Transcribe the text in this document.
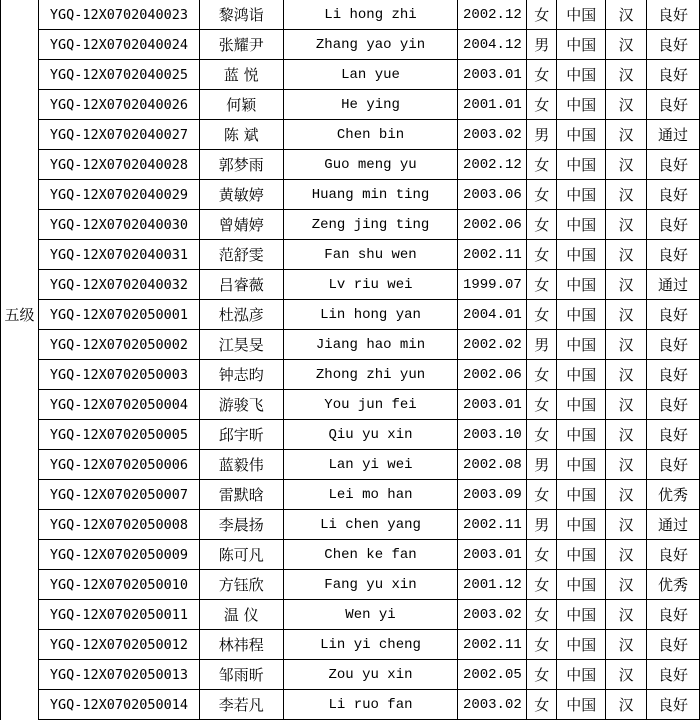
	YGQ-12X0702040023	黎鸿诣	Li hong zhi	2002.12	女	中国	汉	良好
	YGQ-12X0702040024	张耀尹	Zhang yao yin	2004.12	男	中国	汉	良好
	YGQ-12X0702040025	蓝 悦	Lan yue	2003.01	女	中国	汉	良好
	YGQ-12X0702040026	何颖	He ying	2001.01	女	中国	汉	良好
	YGQ-12X0702040027	陈 斌	Chen bin	2003.02	男	中国	汉	通过
	YGQ-12X0702040028	郭梦雨	Guo meng yu	2002.12	女	中国	汉	良好
	YGQ-12X0702040029	黄敏婷	Huang min ting	2003.06	女	中国	汉	良好
	YGQ-12X0702040030	曾婧婷	Zeng jing ting	2002.06	女	中国	汉	良好
	YGQ-12X0702040031	范舒雯	Fan shu wen	2002.11	女	中国	汉	良好
	YGQ-12X0702040032	吕睿薇	Lv riu wei	1999.07	女	中国	汉	通过
五级	YGQ-12X0702050001	杜泓彦	Lin hong yan	2004.01	女	中国	汉	良好
	YGQ-12X0702050002	江昊旻	Jiang hao min	2002.02	男	中国	汉	良好
	YGQ-12X0702050003	钟志昀	Zhong zhi yun	2002.06	女	中国	汉	良好
	YGQ-12X0702050004	游骏飞	You jun fei	2003.01	女	中国	汉	良好
	YGQ-12X0702050005	邱宇昕	Qiu yu xin	2003.10	女	中国	汉	良好
	YGQ-12X0702050006	蓝毅伟	Lan yi wei	2002.08	男	中国	汉	良好
	YGQ-12X0702050007	雷默晗	Lei mo han	2003.09	女	中国	汉	优秀
	YGQ-12X0702050008	李晨扬	Li chen yang	2002.11	男	中国	汉	通过
	YGQ-12X0702050009	陈可凡	Chen ke fan	2003.01	女	中国	汉	良好
	YGQ-12X0702050010	方钰欣	Fang yu xin	2001.12	女	中国	汉	优秀
	YGQ-12X0702050011	温 仪	Wen yi	2003.02	女	中国	汉	良好
	YGQ-12X0702050012	林祎程	Lin yi cheng	2002.11	女	中国	汉	良好
	YGQ-12X0702050013	邹雨昕	Zou yu xin	2002.05	女	中国	汉	良好
	YGQ-12X0702050014	李若凡	Li ruo fan	2003.02	女	中国	汉	良好
